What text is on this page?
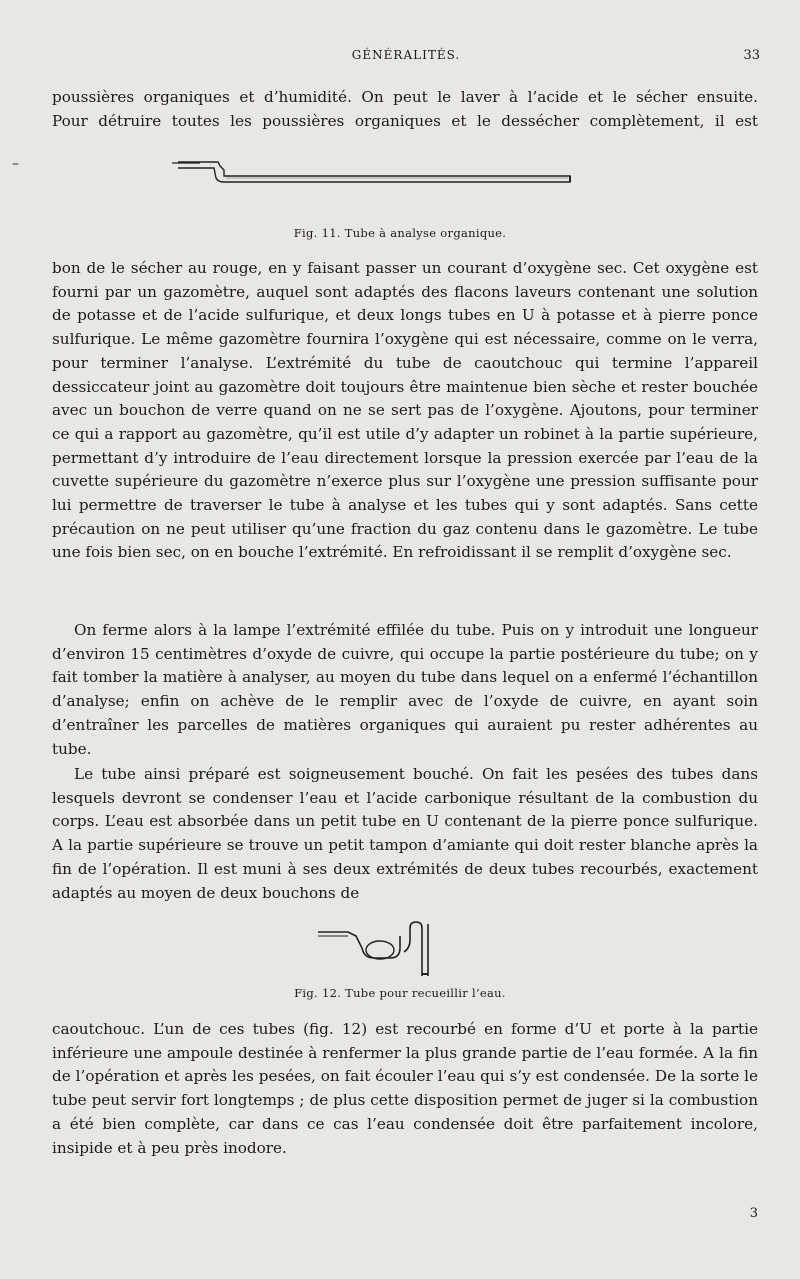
–
GÉNÉRALITÉS.	33

poussières organiques et d’humidité. On peut le laver à l’acide et le sécher ensuite.

Pour détruire toutes les poussières organiques et le dessécher complètement, il est

Fig. 11. Tube à analyse organique.

bon de le sécher au rouge, en y faisant passer un courant d’oxygène sec. Cet oxygène est fourni par un gazomètre, auquel sont adaptés des flacons laveurs contenant une solution de potasse et de l’acide sulfurique, et deux longs tubes en U à potasse et à pierre ponce sulfurique. Le même gazomètre fournira l’oxygène qui est nécessaire, comme on le verra, pour terminer l’analyse. L’extrémité du tube de caoutchouc qui termine l’appareil dessiccateur joint au gazomètre doit toujours être maintenue bien sèche et rester bouchée avec un bouchon de verre quand on ne se sert pas de l’oxygène. Ajoutons, pour terminer ce qui a rapport au gazomètre, qu’il est utile d’y adapter un robinet à la partie supérieure, permettant d’y introduire de l’eau directement lorsque la pression exercée par l’eau de la cuvette supérieure du gazomètre n’exerce plus sur l’oxygène une pression suffisante pour lui permettre de traverser le tube à analyse et les tubes qui y sont adaptés. Sans cette précaution on ne peut utiliser qu’une fraction du gaz contenu dans le gazomètre. Le tube une fois bien sec, on en bouche l’extrémité. En refroidissant il se remplit d’oxygène sec.

On ferme alors à la lampe l’extrémité effilée du tube. Puis on y introduit une longueur d’environ 15 centimètres d’oxyde de cuivre, qui occupe la partie postérieure du tube; on y fait tomber la matière à analyser, au moyen du tube dans lequel on a enfermé l’échantillon d’analyse; enfin on achève de le remplir avec de l’oxyde de cuivre, en ayant soin d’entraîner les parcelles de matières organiques qui auraient pu rester adhérentes au tube.

Le tube ainsi préparé est soigneusement bouché. On fait les pesées des tubes dans lesquels devront se condenser l’eau et l’acide carbonique résultant de la combustion du corps. L’eau est absorbée dans un petit tube en U contenant de la pierre ponce sulfurique. A la partie supérieure se trouve un petit tampon d’amiante qui doit rester blanche après la fin de l’opération. Il est muni à ses deux extrémités de deux tubes recourbés, exactement adaptés au moyen de deux bouchons de

Fig. 12. Tube pour recueillir l’eau.

caoutchouc. L’un de ces tubes (fig. 12) est recourbé en forme d’U et porte à la partie inférieure une ampoule destinée à renfermer la plus grande partie de l’eau formée. A la fin de l’opération et après les pesées, on fait écouler l’eau qui s’y est condensée. De la sorte le tube peut servir fort longtemps ; de plus cette disposition permet de juger si la combustion a été bien complète, car dans ce cas l’eau condensée doit être parfaitement incolore, insipide et à peu près inodore.

3
